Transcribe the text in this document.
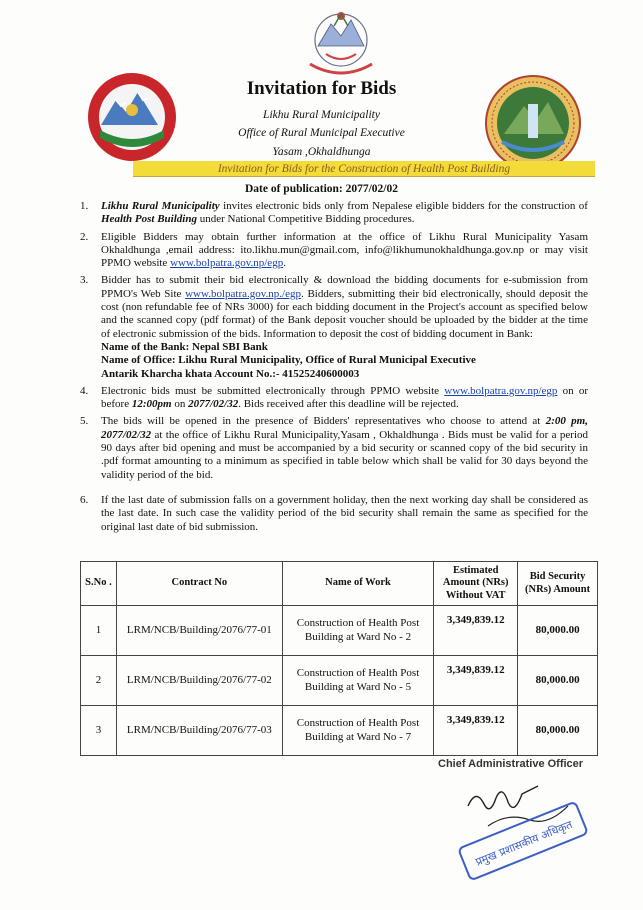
Invitation for Bids
Likhu Rural Municipality
Office of Rural Municipal Executive
Yasam ,Okhaldhunga
Invitation for Bids for the Construction of Health Post Building
Date of publication: 2077/02/02
1. Likhu Rural Municipality invites electronic bids only from Nepalese eligible bidders for the construction of Health Post Building under National Competitive Bidding procedures.
2. Eligible Bidders may obtain further information at the office of Likhu Rural Municipality Yasam Okhaldhunga ,email address: ito.likhu.mun@gmail.com, info@likhumunokhaldhunga.gov.np or may visit PPMO website www.bolpatra.gov.np/egp.
3. Bidder has to submit their bid electronically & download the bidding documents for e-submission from PPMO's Web Site www.bolpatra.gov.np./egp. Bidders, submitting their bid electronically, should deposit the cost (non refundable fee of NRs 3000) for each bidding document in the Project's account as specified below and the scanned copy (pdf format) of the Bank deposit voucher should be uploaded by the bidder at the time of electronic submission of the bids. Information to deposit the cost of bidding document in Bank:
Name of the Bank: Nepal SBI Bank
Name of Office: Likhu Rural Municipality, Office of Rural Municipal Executive
Antarik Kharcha khata Account No.:- 41525240600003
4. Electronic bids must be submitted electronically through PPMO website www.bolpatra.gov.np/egp on or before 12:00pm on 2077/02/32. Bids received after this deadline will be rejected.
5. The bids will be opened in the presence of Bidders' representatives who choose to attend at 2:00 pm, 2077/02/32 at the office of Likhu Rural Municipality,Yasam , Okhaldhunga . Bids must be valid for a period 90 days after bid opening and must be accompanied by a bid security or scanned copy of the bid security in .pdf format amounting to a minimum as specified in table below which shall be valid for 30 days beyond the validity period of the bid.
6. If the last date of submission falls on a government holiday, then the next working day shall be considered as the last date. In such case the validity period of the bid security shall remain the same as specified for the original last date of bid submission.
S.No .	Contract No	Name of Work	Estimated Amount (NRs) Without VAT	Bid Security (NRs) Amount
1	LRM/NCB/Building/2076/77-01	Construction of Health Post Building at Ward No - 2	3,349,839.12	80,000.00
2	LRM/NCB/Building/2076/77-02	Construction of Health Post Building at Ward No - 5	3,349,839.12	80,000.00
3	LRM/NCB/Building/2076/77-03	Construction of Health Post Building at Ward No - 7	3,349,839.12	80,000.00
Chief Administrative Officer
प्रमुख प्रशासकीय अधिकृत
